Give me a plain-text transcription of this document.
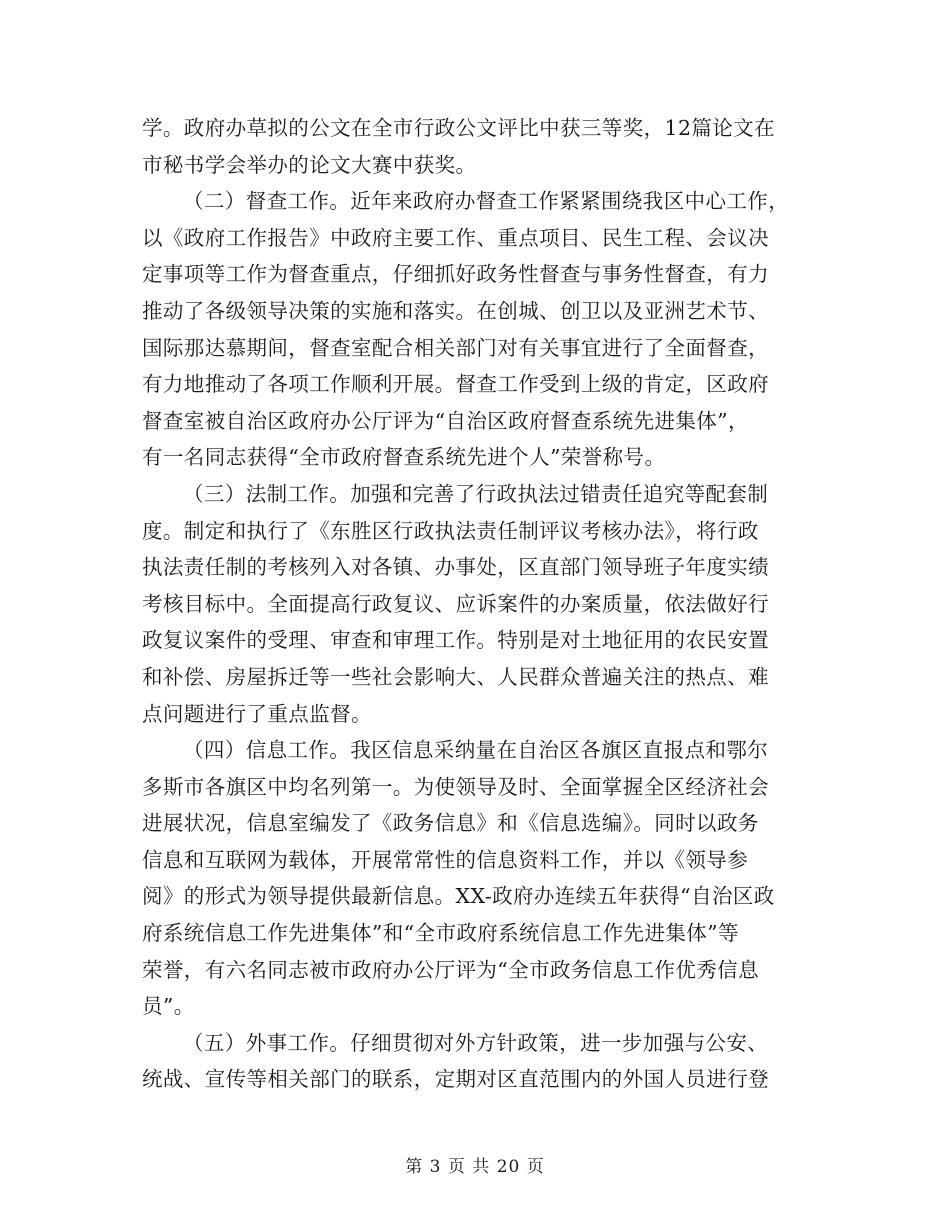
学。政府办草拟的公文在全市行政公文评比中获三等奖，12篇论文在
市秘书学会举办的论文大赛中获奖。
（二）督查工作。近年来政府办督查工作紧紧围绕我区中心工作，
以《政府工作报告》中政府主要工作、重点项目、民生工程、会议决
定事项等工作为督查重点，仔细抓好政务性督查与事务性督查，有力
推动了各级领导决策的实施和落实。在创城、创卫以及亚洲艺术节、
国际那达慕期间，督查室配合相关部门对有关事宜进行了全面督查，
有力地推动了各项工作顺利开展。督查工作受到上级的肯定，区政府
督查室被自治区政府办公厅评为“自治区政府督查系统先进集体”，
有一名同志获得“全市政府督查系统先进个人”荣誉称号。
（三）法制工作。加强和完善了行政执法过错责任追究等配套制
度。制定和执行了《东胜区行政执法责任制评议考核办法》，将行政
执法责任制的考核列入对各镇、办事处，区直部门领导班子年度实绩
考核目标中。全面提高行政复议、应诉案件的办案质量，依法做好行
政复议案件的受理、审查和审理工作。特别是对土地征用的农民安置
和补偿、房屋拆迁等一些社会影响大、人民群众普遍关注的热点、难
点问题进行了重点监督。
（四）信息工作。我区信息采纳量在自治区各旗区直报点和鄂尔
多斯市各旗区中均名列第一。为使领导及时、全面掌握全区经济社会
进展状况，信息室编发了《政务信息》和《信息选编》。同时以政务
信息和互联网为载体，开展常常性的信息资料工作，并以《领导参
阅》的形式为领导提供最新信息。XX-政府办连续五年获得“自治区政
府系统信息工作先进集体”和“全市政府系统信息工作先进集体”等
荣誉，有六名同志被市政府办公厅评为“全市政务信息工作优秀信息
员”。
（五）外事工作。仔细贯彻对外方针政策，进一步加强与公安、
统战、宣传等相关部门的联系，定期对区直范围内的外国人员进行登
第 3 页 共 20 页
